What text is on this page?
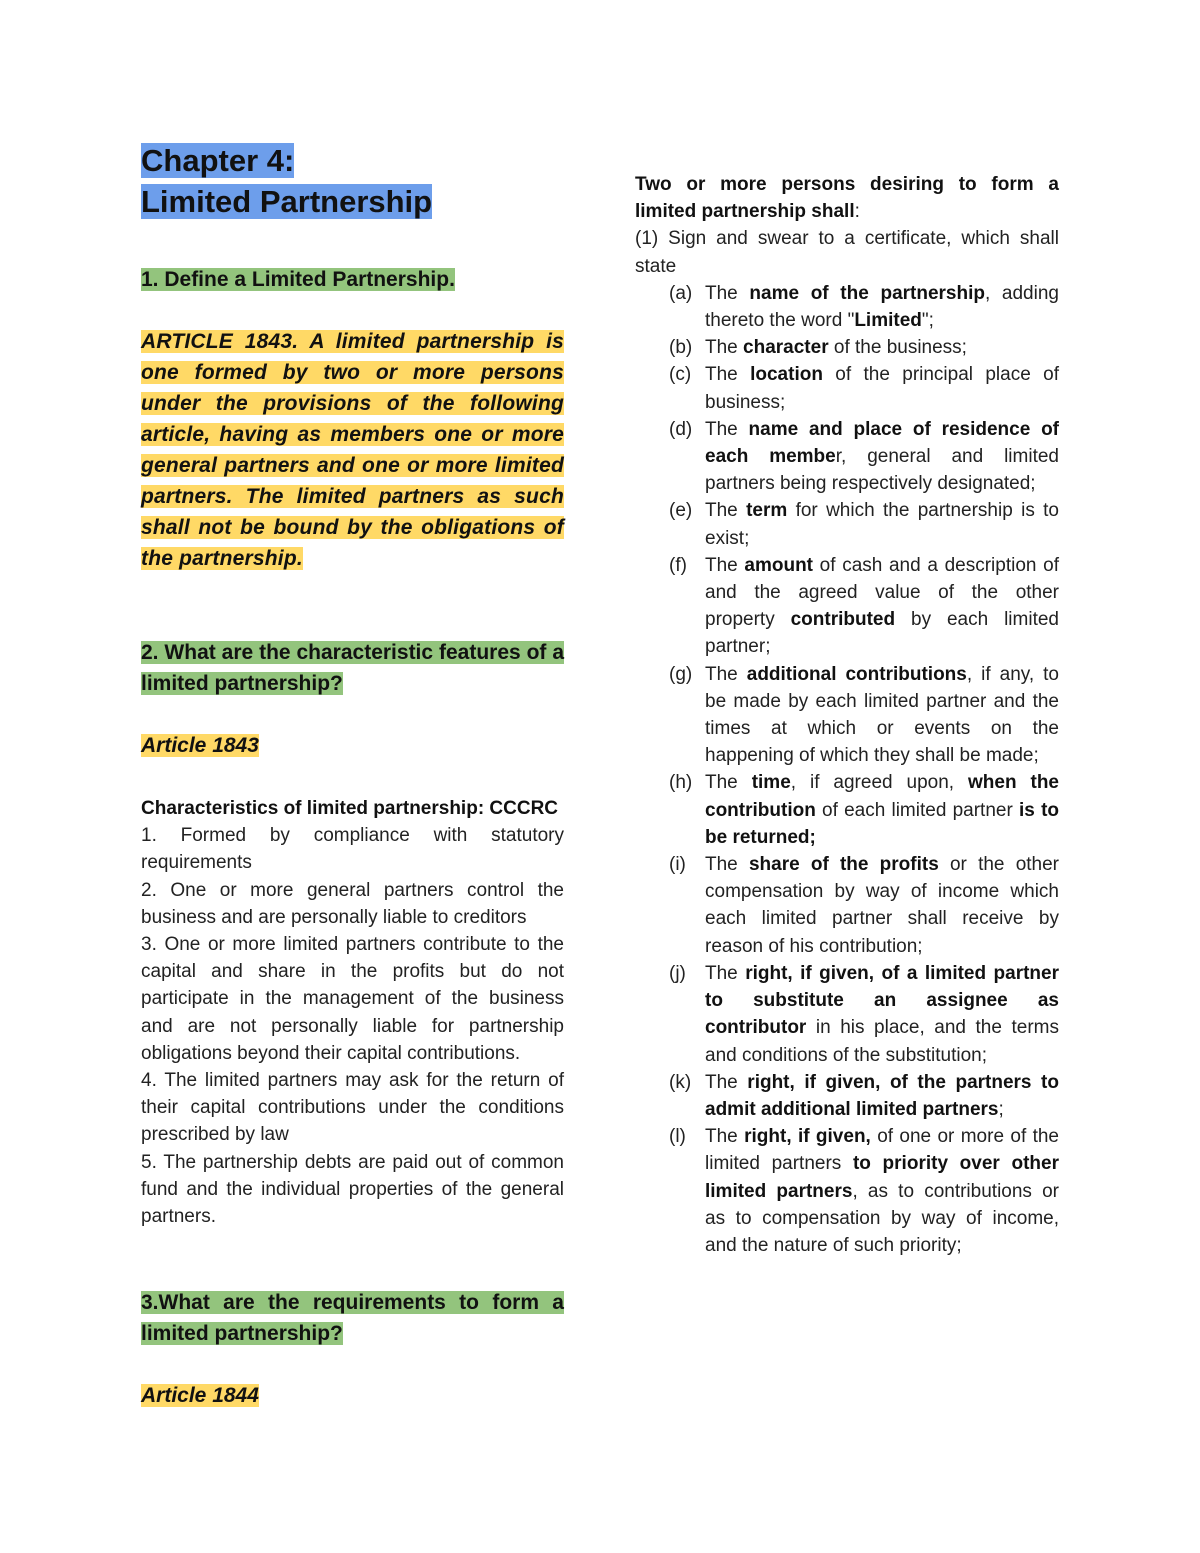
Chapter 4:
Limited Partnership

1. Define a Limited Partnership.

ARTICLE 1843. A limited partnership is one formed by two or more persons under the provisions of the following article, having as members one or more general partners and one or more limited partners. The limited partners as such shall not be bound by the obligations of the partnership.

2. What are the characteristic features of a limited partnership?

Article 1843

Characteristics of limited partnership: CCCRC

1. Formed by compliance with statutory requirements

2. One or more general partners control the business and are personally liable to creditors

3. One or more limited partners contribute to the capital and share in the profits but do not participate in the management of the business and are not personally liable for partnership obligations beyond their capital contributions.

4. The limited partners may ask for the return of their capital contributions under the conditions prescribed by law

5. The partnership debts are paid out of common fund and the individual properties of the general partners.

3.What are the requirements to form a limited partnership?

Article 1844

Two or more persons desiring to form a limited partnership shall:

(1) Sign and swear to a certificate, which shall state

(a) The name of the partnership, adding thereto the word "Limited";
(b) The character of the business;
(c) The location of the principal place of business;
(d) The name and place of residence of each member, general and limited partners being respectively designated;
(e) The term for which the partnership is to exist;
(f) The amount of cash and a description of and the agreed value of the other property contributed by each limited partner;
(g) The additional contributions, if any, to be made by each limited partner and the times at which or events on the happening of which they shall be made;
(h) The time, if agreed upon, when the contribution of each limited partner is to be returned;
(i) The share of the profits or the other compensation by way of income which each limited partner shall receive by reason of his contribution;
(j) The right, if given, of a limited partner to substitute an assignee as contributor in his place, and the terms and conditions of the substitution;
(k) The right, if given, of the partners to admit additional limited partners;
(l) The right, if given, of one or more of the limited partners to priority over other limited partners, as to contributions or as to compensation by way of income, and the nature of such priority;
